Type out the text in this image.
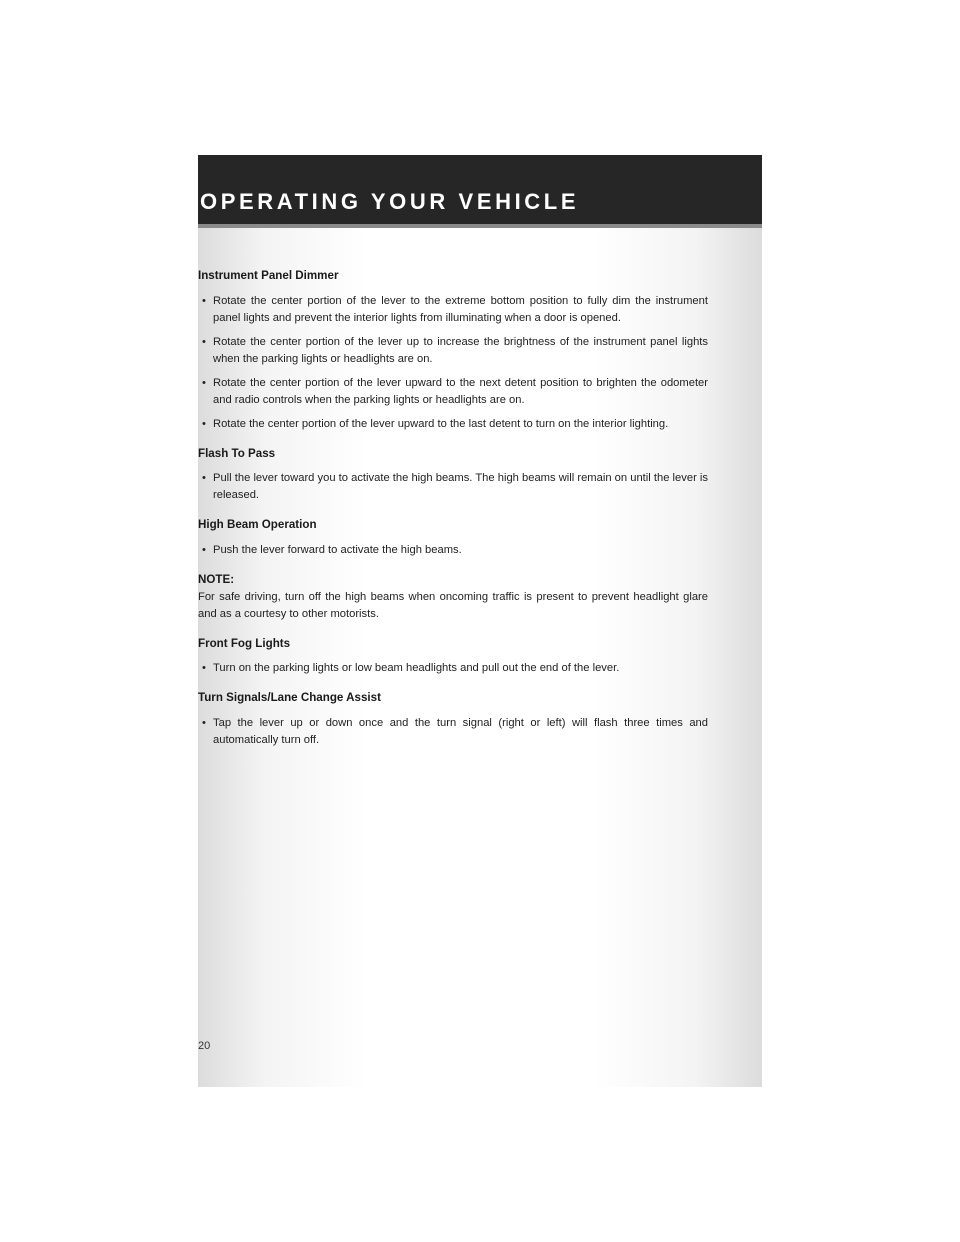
OPERATING YOUR VEHICLE

Instrument Panel Dimmer

• Rotate the center portion of the lever to the extreme bottom position to fully dim the instrument panel lights and prevent the interior lights from illuminating when a door is opened.

• Rotate the center portion of the lever up to increase the brightness of the instrument panel lights when the parking lights or headlights are on.

• Rotate the center portion of the lever upward to the next detent position to brighten the odometer and radio controls when the parking lights or headlights are on.

• Rotate the center portion of the lever upward to the last detent to turn on the interior lighting.

Flash To Pass

• Pull the lever toward you to activate the high beams. The high beams will remain on until the lever is released.

High Beam Operation

• Push the lever forward to activate the high beams.

NOTE:

For safe driving, turn off the high beams when oncoming traffic is present to prevent headlight glare and as a courtesy to other motorists.

Front Fog Lights

• Turn on the parking lights or low beam headlights and pull out the end of the lever.

Turn Signals/Lane Change Assist

• Tap the lever up or down once and the turn signal (right or left) will flash three times and automatically turn off.

20
